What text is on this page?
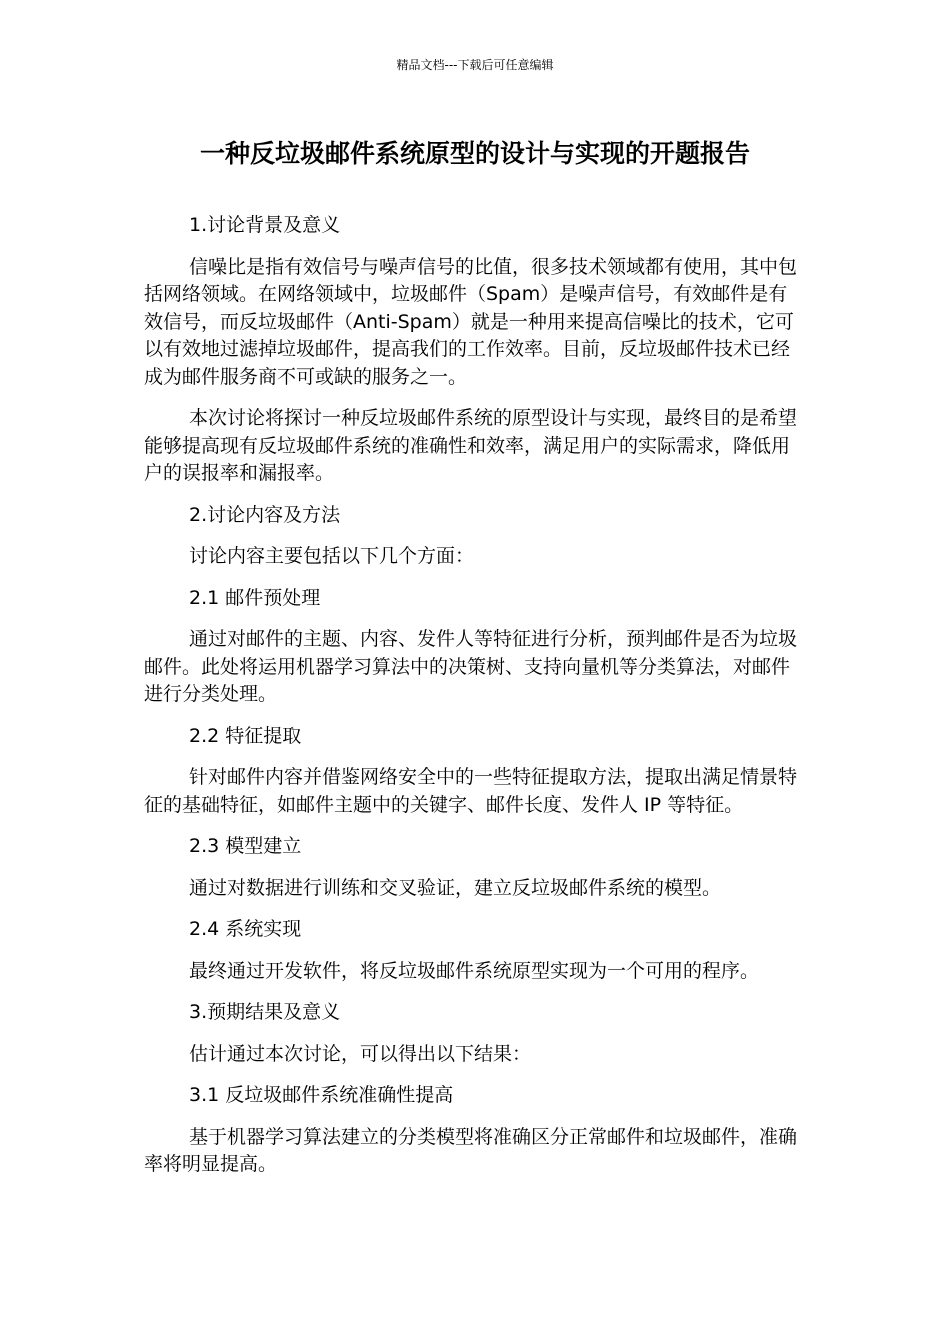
精品文档---下载后可任意编辑
一种反垃圾邮件系统原型的设计与实现的开题报告

1.讨论背景及意义

信噪比是指有效信号与噪声信号的比值，很多技术领域都有使用，其中包括网络领域。在网络领域中，垃圾邮件（Spam）是噪声信号，有效邮件是有效信号，而反垃圾邮件（Anti-Spam）就是一种用来提高信噪比的技术，它可以有效地过滤掉垃圾邮件，提高我们的工作效率。目前，反垃圾邮件技术已经成为邮件服务商不可或缺的服务之一。

本次讨论将探讨一种反垃圾邮件系统的原型设计与实现，最终目的是希望能够提高现有反垃圾邮件系统的准确性和效率，满足用户的实际需求，降低用户的误报率和漏报率。

2.讨论内容及方法

讨论内容主要包括以下几个方面：

2.1 邮件预处理

通过对邮件的主题、内容、发件人等特征进行分析，预判邮件是否为垃圾邮件。此处将运用机器学习算法中的决策树、支持向量机等分类算法，对邮件进行分类处理。

2.2 特征提取

针对邮件内容并借鉴网络安全中的一些特征提取方法，提取出满足情景特征的基础特征，如邮件主题中的关键字、邮件长度、发件人 IP 等特征。

2.3 模型建立

通过对数据进行训练和交叉验证，建立反垃圾邮件系统的模型。

2.4 系统实现

最终通过开发软件，将反垃圾邮件系统原型实现为一个可用的程序。

3.预期结果及意义

估计通过本次讨论，可以得出以下结果：

3.1 反垃圾邮件系统准确性提高

基于机器学习算法建立的分类模型将准确区分正常邮件和垃圾邮件，准确率将明显提高。
